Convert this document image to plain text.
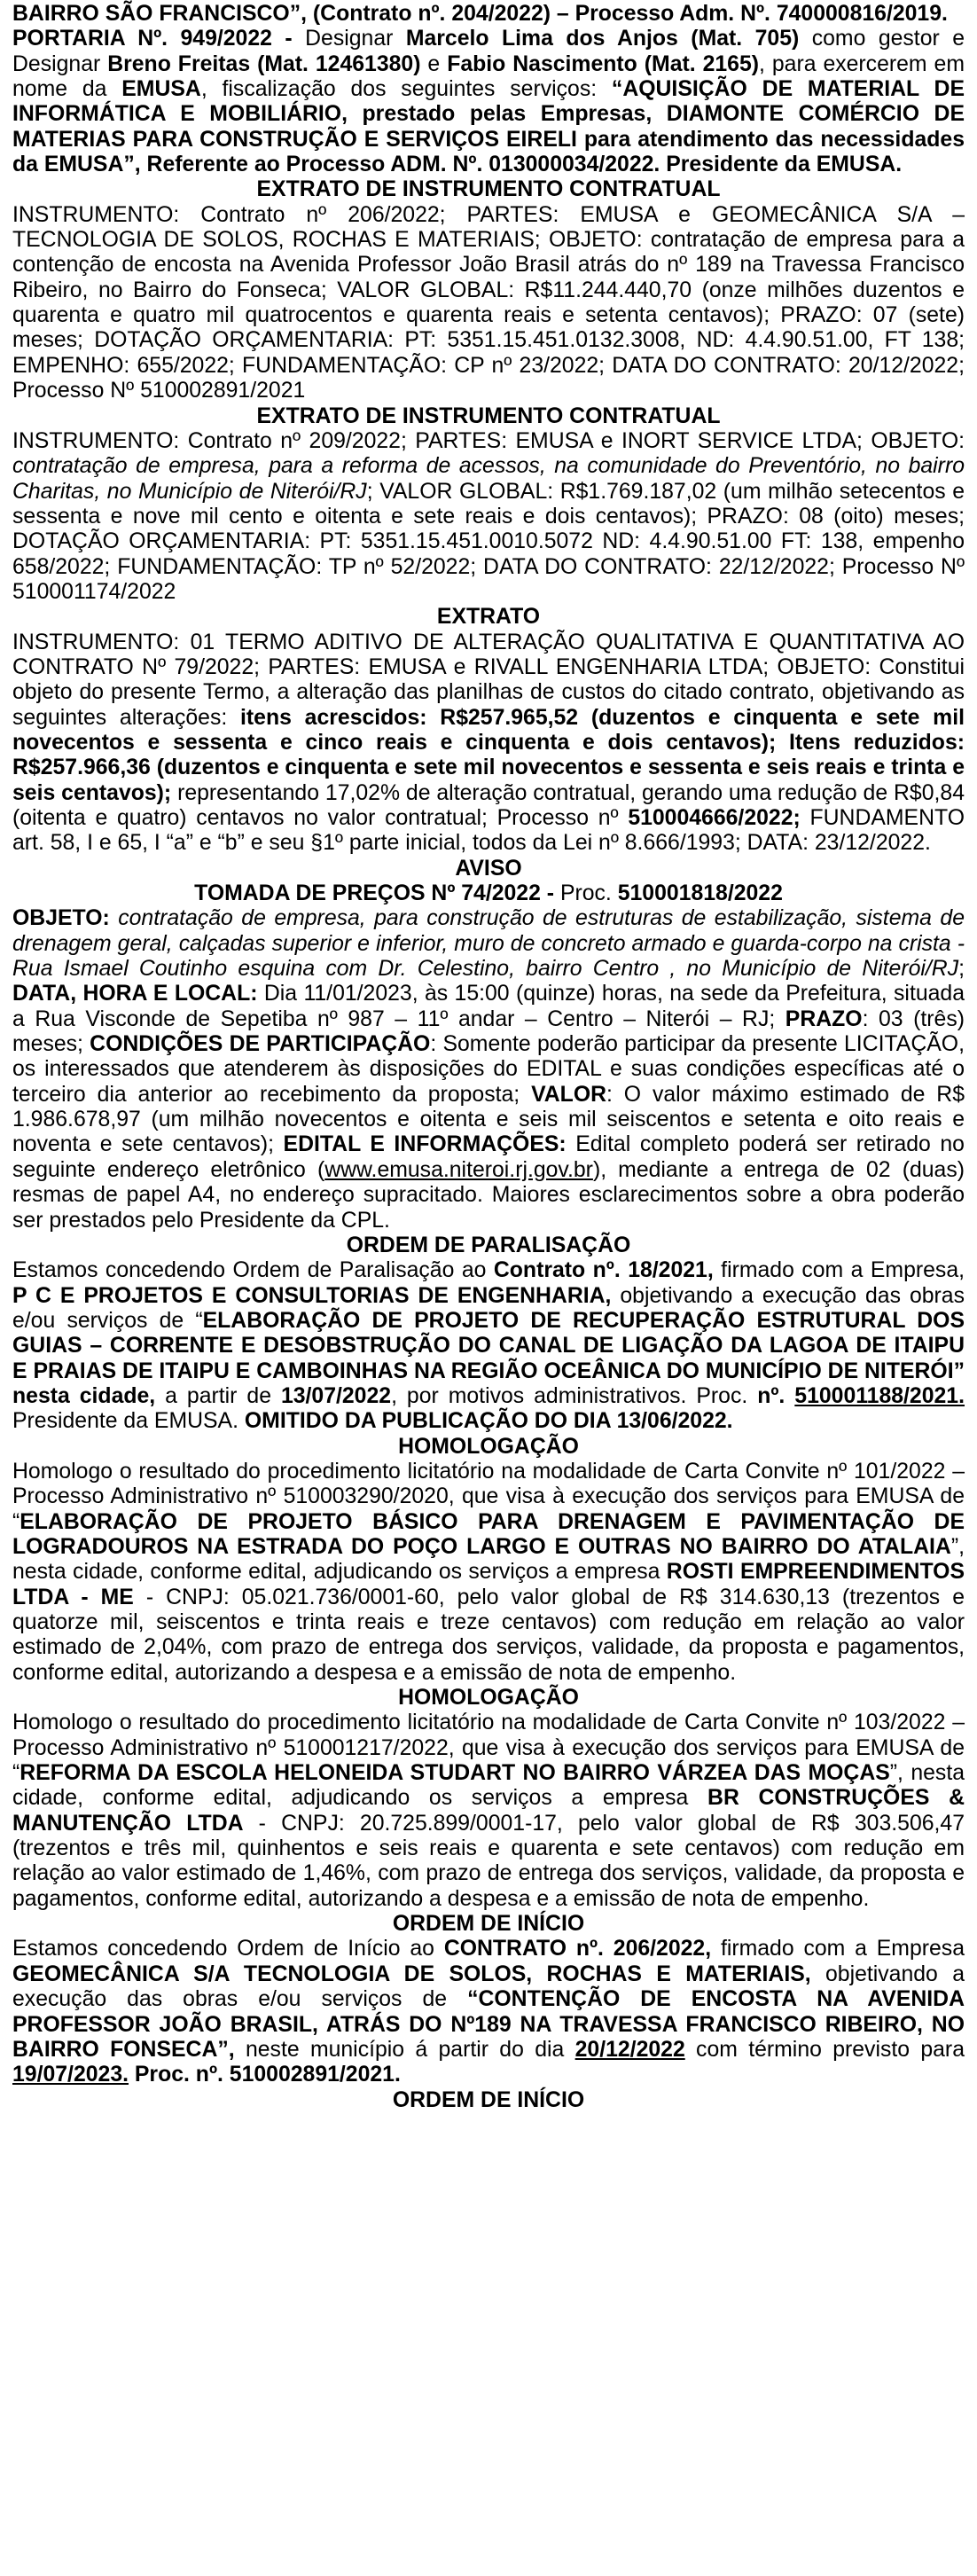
BAIRRO SÃO FRANCISCO”, (Contrato nº. 204/2022) – Processo Adm. Nº. 740000816/2019.

PORTARIA Nº. 949/2022 - Designar Marcelo Lima dos Anjos (Mat. 705) como gestor e Designar Breno Freitas (Mat. 12461380) e Fabio Nascimento (Mat. 2165), para exercerem em nome da EMUSA, fiscalização dos seguintes serviços: “AQUISIÇÃO DE MATERIAL DE INFORMÁTICA E MOBILIÁRIO, prestado pelas Empresas, DIAMONTE COMÉRCIO DE MATERIAS PARA CONSTRUÇÃO E SERVIÇOS EIRELI para atendimento das necessidades da EMUSA”, Referente ao Processo ADM. Nº. 013000034/2022. Presidente da EMUSA.

EXTRATO DE INSTRUMENTO CONTRATUAL

INSTRUMENTO: Contrato nº 206/2022; PARTES: EMUSA e GEOMECÂNICA S/A – TECNOLOGIA DE SOLOS, ROCHAS E MATERIAIS; OBJETO: contratação de empresa para a contenção de encosta na Avenida Professor João Brasil atrás do nº 189 na Travessa Francisco Ribeiro, no Bairro do Fonseca; VALOR GLOBAL: R$11.244.440,70 (onze milhões duzentos e quarenta e quatro mil quatrocentos e quarenta reais e setenta centavos); PRAZO: 07 (sete) meses; DOTAÇÃO ORÇAMENTARIA: PT: 5351.15.451.0132.3008, ND: 4.4.90.51.00, FT 138; EMPENHO: 655/2022; FUNDAMENTAÇÃO: CP nº 23/2022; DATA DO CONTRATO: 20/12/2022; Processo Nº 510002891/2021

EXTRATO DE INSTRUMENTO CONTRATUAL

INSTRUMENTO: Contrato nº 209/2022; PARTES: EMUSA e INORT SERVICE LTDA; OBJETO: contratação de empresa, para a reforma de acessos, na comunidade do Preventório, no bairro Charitas, no Município de Niterói/RJ; VALOR GLOBAL: R$1.769.187,02 (um milhão setecentos e sessenta e nove mil cento e oitenta e sete reais e dois centavos); PRAZO: 08 (oito) meses; DOTAÇÃO ORÇAMENTARIA: PT: 5351.15.451.0010.5072 ND: 4.4.90.51.00 FT: 138, empenho 658/2022; FUNDAMENTAÇÃO: TP nº 52/2022; DATA DO CONTRATO: 22/12/2022; Processo Nº 510001174/2022

EXTRATO

INSTRUMENTO: 01 TERMO ADITIVO DE ALTERAÇÃO QUALITATIVA E QUANTITATIVA AO CONTRATO Nº 79/2022; PARTES: EMUSA e RIVALL ENGENHARIA LTDA; OBJETO: Constitui objeto do presente Termo, a alteração das planilhas de custos do citado contrato, objetivando as seguintes alterações: itens acrescidos: R$257.965,52 (duzentos e cinquenta e sete mil novecentos e sessenta e cinco reais e cinquenta e dois centavos); Itens reduzidos: R$257.966,36 (duzentos e cinquenta e sete mil novecentos e sessenta e seis reais e trinta e seis centavos); representando 17,02% de alteração contratual, gerando uma redução de R$0,84 (oitenta e quatro) centavos no valor contratual; Processo nº 510004666/2022; FUNDAMENTO art. 58, I e 65, I “a” e “b” e seu §1º parte inicial, todos da Lei nº 8.666/1993; DATA: 23/12/2022.

AVISO

TOMADA DE PREÇOS Nº 74/2022 - Proc. 510001818/2022

OBJETO: contratação de empresa, para construção de estruturas de estabilização, sistema de drenagem geral, calçadas superior e inferior, muro de concreto armado e guarda-corpo na crista - Rua Ismael Coutinho esquina com Dr. Celestino, bairro Centro , no Município de Niterói/RJ; DATA, HORA E LOCAL: Dia 11/01/2023, às 15:00 (quinze) horas, na sede da Prefeitura, situada a Rua Visconde de Sepetiba nº 987 – 11º andar – Centro – Niterói – RJ; PRAZO: 03 (três) meses; CONDIÇÕES DE PARTICIPAÇÃO: Somente poderão participar da presente LICITAÇÃO, os interessados que atenderem às disposições do EDITAL e suas condições específicas até o terceiro dia anterior ao recebimento da proposta; VALOR: O valor máximo estimado de R$ 1.986.678,97 (um milhão novecentos e oitenta e seis mil seiscentos e setenta e oito reais e noventa e sete centavos); EDITAL E INFORMAÇÕES: Edital completo poderá ser retirado no seguinte endereço eletrônico (www.emusa.niteroi.rj.gov.br), mediante a entrega de 02 (duas) resmas de papel A4, no endereço supracitado. Maiores esclarecimentos sobre a obra poderão ser prestados pelo Presidente da CPL.

ORDEM DE PARALISAÇÃO

Estamos concedendo Ordem de Paralisação ao Contrato nº. 18/2021, firmado com a Empresa, P C E PROJETOS E CONSULTORIAS DE ENGENHARIA, objetivando a execução das obras e/ou serviços de “ELABORAÇÃO DE PROJETO DE RECUPERAÇÃO ESTRUTURAL DOS GUIAS – CORRENTE E DESOBSTRUÇÃO DO CANAL DE LIGAÇÃO DA LAGOA DE ITAIPU E PRAIAS DE ITAIPU E CAMBOINHAS NA REGIÃO OCEÂNICA DO MUNICÍPIO DE NITERÓI” nesta cidade, a partir de 13/07/2022, por motivos administrativos. Proc. nº. 510001188/2021. Presidente da EMUSA. OMITIDO DA PUBLICAÇÃO DO DIA 13/06/2022.

HOMOLOGAÇÃO

Homologo o resultado do procedimento licitatório na modalidade de Carta Convite nº 101/2022 – Processo Administrativo nº 510003290/2020, que visa à execução dos serviços para EMUSA de “ELABORAÇÃO DE PROJETO BÁSICO PARA DRENAGEM E PAVIMENTAÇÃO DE LOGRADOUROS NA ESTRADA DO POÇO LARGO E OUTRAS NO BAIRRO DO ATALAIA”, nesta cidade, conforme edital, adjudicando os serviços a empresa ROSTI EMPREENDIMENTOS LTDA - ME - CNPJ: 05.021.736/0001-60, pelo valor global de R$ 314.630,13 (trezentos e quatorze mil, seiscentos e trinta reais e treze centavos) com redução em relação ao valor estimado de 2,04%, com prazo de entrega dos serviços, validade, da proposta e pagamentos, conforme edital, autorizando a despesa e a emissão de nota de empenho.

HOMOLOGAÇÃO

Homologo o resultado do procedimento licitatório na modalidade de Carta Convite nº 103/2022 – Processo Administrativo nº 510001217/2022, que visa à execução dos serviços para EMUSA de “REFORMA DA ESCOLA HELONEIDA STUDART NO BAIRRO VÁRZEA DAS MOÇAS”, nesta cidade, conforme edital, adjudicando os serviços a empresa BR CONSTRUÇÕES & MANUTENÇÃO LTDA - CNPJ: 20.725.899/0001-17, pelo valor global de R$ 303.506,47 (trezentos e três mil, quinhentos e seis reais e quarenta e sete centavos) com redução em relação ao valor estimado de 1,46%, com prazo de entrega dos serviços, validade, da proposta e pagamentos, conforme edital, autorizando a despesa e a emissão de nota de empenho.

ORDEM DE INÍCIO

Estamos concedendo Ordem de Início ao CONTRATO nº. 206/2022, firmado com a Empresa GEOMECÂNICA S/A TECNOLOGIA DE SOLOS, ROCHAS E MATERIAIS, objetivando a execução das obras e/ou serviços de “CONTENÇÃO DE ENCOSTA NA AVENIDA PROFESSOR JOÃO BRASIL, ATRÁS DO Nº189 NA TRAVESSA FRANCISCO RIBEIRO, NO BAIRRO FONSECA”, neste município á partir do dia 20/12/2022 com término previsto para 19/07/2023. Proc. nº. 510002891/2021.

ORDEM DE INÍCIO
